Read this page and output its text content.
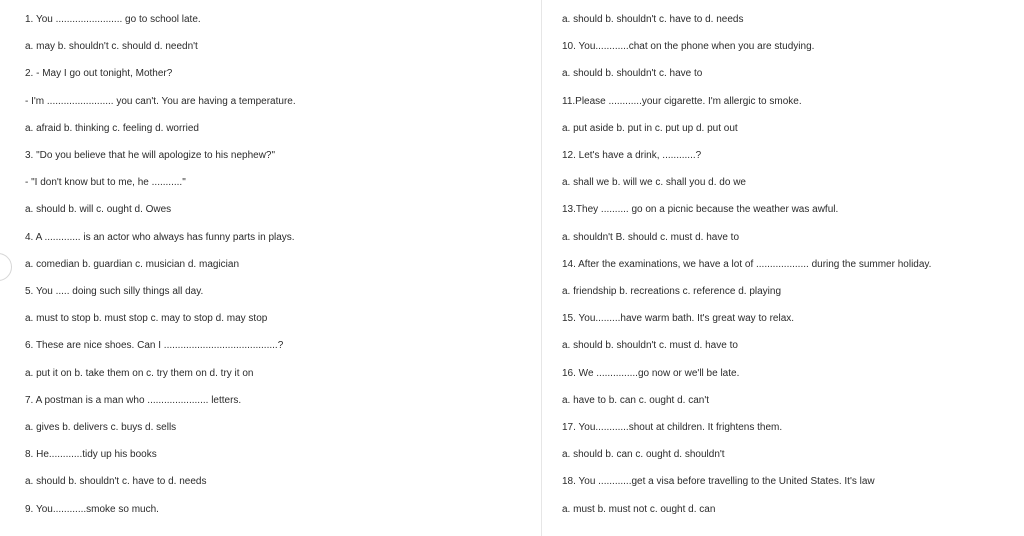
1. You ........................ go to school late.
a. may b. shouldn't c. should d. needn't
2. - May I go out tonight, Mother?
- I'm ........................ you can't. You are having a temperature.
a. afraid b. thinking c. feeling d. worried
3. "Do you believe that he will apologize to his nephew?"
- "I don't know but to me, he ..........."
a. should b. will c. ought d. Owes
4. A ............. is an actor who always has funny parts in plays.
a. comedian b. guardian c. musician d. magician
5. You ..... doing such silly things all day.
a. must to stop b. must stop c. may to stop d. may stop
6. These are nice shoes. Can I .........................................?
a. put it on b. take them on c. try them on d. try it on
7. A postman is a man who ...................... letters.
a. gives b. delivers c. buys d. sells
8. He............tidy up his books
a. should b. shouldn't c. have to d. needs
9. You............smoke so much.
a. should b. shouldn't c. have to d. needs
10. You............chat on the phone when you are studying.
a. should b. shouldn't c. have to
11.Please ............your cigarette. I'm allergic to smoke.
a. put aside b. put in c. put up d. put out
12. Let's have a drink, ............?
a. shall we b. will we c. shall you d. do we
13.They .......... go on a picnic because the weather was awful.
a. shouldn't B. should c. must d. have to
14. After the examinations, we have a lot of ................... during the summer holiday.
a. friendship b. recreations c. reference d. playing
15. You.........have warm bath. It's great way to relax.
a. should b. shouldn't c. must d. have to
16. We ...............go now or we'll be late.
a. have to b. can c. ought d. can't
17. You............shout at children. It frightens them.
a. should b. can c. ought d. shouldn't
18. You ............get a visa before travelling to the United States. It's law
a. must b. must not c. ought d. can
